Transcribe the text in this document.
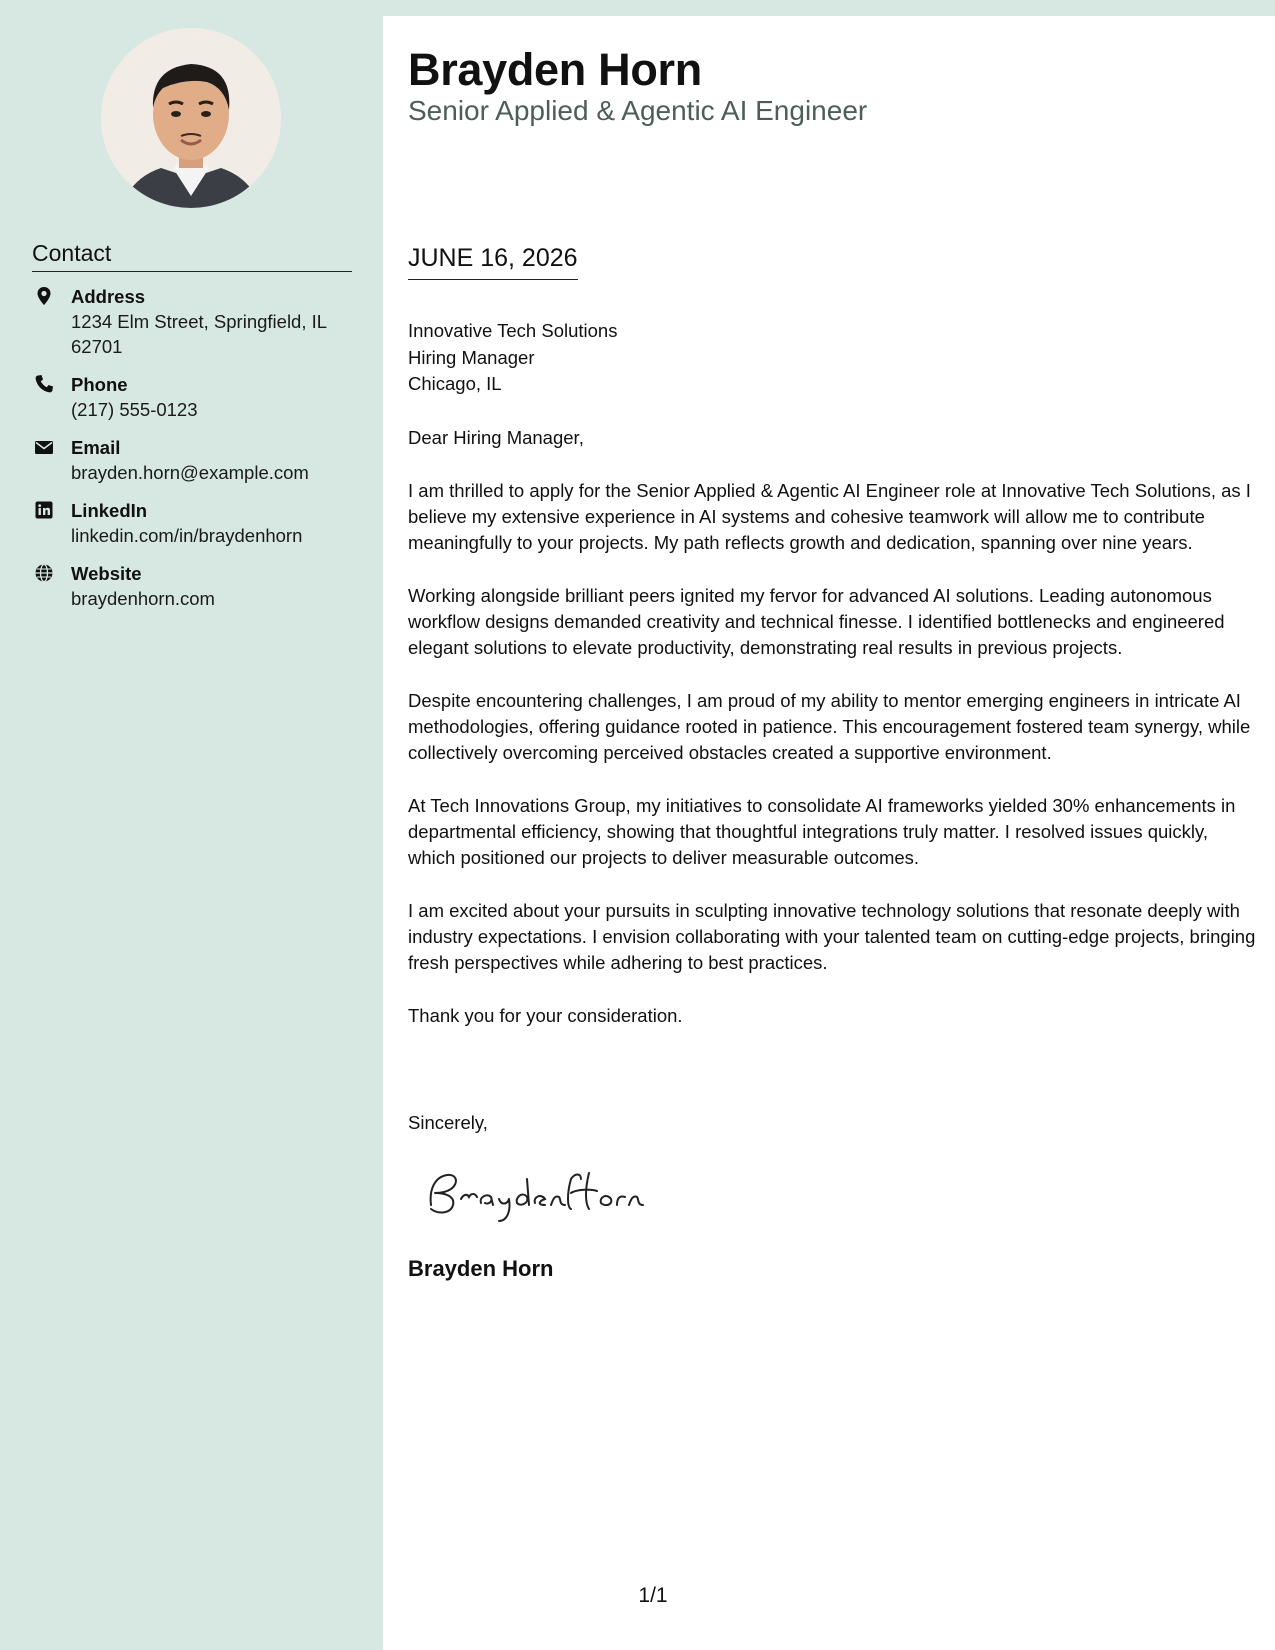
Contact
Address
1234 Elm Street, Springfield, IL 62701
Phone
(217) 555-0123
Email
brayden.horn@example.com
LinkedIn
linkedin.com/in/braydenhorn
Website
braydenhorn.com
Brayden Horn
Senior Applied & Agentic AI Engineer
JUNE 16, 2026
Innovative Tech Solutions
Hiring Manager
Chicago, IL

Dear Hiring Manager,

I am thrilled to apply for the Senior Applied & Agentic AI Engineer role at Innovative Tech Solutions, as I believe my extensive experience in AI systems and cohesive teamwork will allow me to contribute meaningfully to your projects. My path reflects growth and dedication, spanning over nine years.

Working alongside brilliant peers ignited my fervor for advanced AI solutions. Leading autonomous workflow designs demanded creativity and technical finesse. I identified bottlenecks and engineered elegant solutions to elevate productivity, demonstrating real results in previous projects.

Despite encountering challenges, I am proud of my ability to mentor emerging engineers in intricate AI methodologies, offering guidance rooted in patience. This encouragement fostered team synergy, while collectively overcoming perceived obstacles created a supportive environment.

At Tech Innovations Group, my initiatives to consolidate AI frameworks yielded 30% enhancements in departmental efficiency, showing that thoughtful integrations truly matter. I resolved issues quickly, which positioned our projects to deliver measurable outcomes.

I am excited about your pursuits in sculpting innovative technology solutions that resonate deeply with industry expectations. I envision collaborating with your talented team on cutting-edge projects, bringing fresh perspectives while adhering to best practices.

Thank you for your consideration.

Sincerely,
Brayden Horn
1/1
